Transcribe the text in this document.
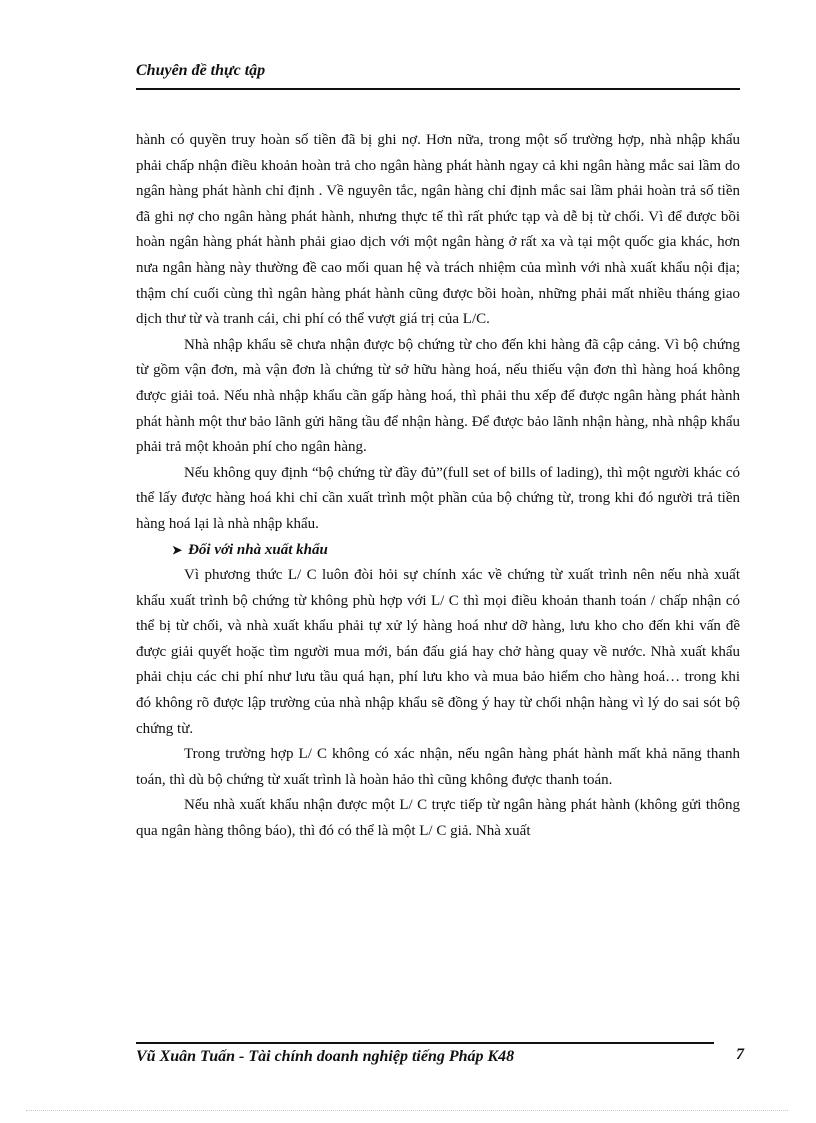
Chuyên đề thực tập

hành có quyền truy hoàn số tiền đã bị ghi nợ. Hơn nữa, trong một số trường hợp, nhà nhập khẩu phải chấp nhận điều khoản hoàn trả cho ngân hàng phát hành ngay cả khi ngân hàng mắc sai lầm do ngân hàng phát hành chỉ định . Về nguyên tắc, ngân hàng chỉ định mắc sai lầm phải hoàn trả số tiền đã ghi nợ cho ngân hàng phát hành, nhưng thực tế thì rất phức tạp và dễ bị từ chối. Vì để được bồi hoàn ngân hàng phát hành phải giao dịch với một ngân hàng ở rất xa và tại một quốc gia khác, hơn nưa ngân hàng này thường đề cao mối quan hệ và trách nhiệm của mình với nhà xuất khẩu nội địa; thậm chí cuối cùng thì ngân hàng phát hành cũng được bồi hoàn, những phải mất nhiều tháng giao dịch thư từ và tranh cái, chi phí có thể vượt giá trị của L/C.

Nhà nhập khẩu sẽ chưa nhận được bộ chứng từ cho đến khi hàng đã cập cảng. Vì bộ chứng từ gồm vận đơn, mà vận đơn là chứng từ sở hữu hàng hoá, nếu thiếu vận đơn thì hàng hoá không được giải toả. Nếu nhà nhập khẩu cần gấp hàng hoá, thì phải thu xếp để được ngân hàng phát hành phát hành một thư bảo lãnh gửi hãng tầu để nhận hàng. Để được bảo lãnh nhận hàng, nhà nhập khẩu phải trả một khoản phí cho ngân hàng.

Nếu không quy định “bộ chứng từ đầy đủ”(full set of bills of lading), thì một người khác có thể lấy được hàng hoá khi chỉ cần xuất trình một phần của bộ chứng từ, trong khi đó người trả tiền hàng hoá lại là nhà nhập khẩu.

➤ Đối với nhà xuất khẩu

Vì phương thức L/ C luôn đòi hỏi sự chính xác về chứng từ xuất trình nên nếu nhà xuất khẩu xuất trình bộ chứng từ không phù hợp với L/ C thì mọi điều khoản thanh toán / chấp nhận có thể bị từ chối, và nhà xuất khẩu phải tự xử lý hàng hoá như dỡ hàng, lưu kho cho đến khi vấn đề được giải quyết hoặc tìm người mua mới, bán đấu giá hay chở hàng quay về nước. Nhà xuất khẩu phải chịu các chi phí như lưu tầu quá hạn, phí lưu kho và mua bảo hiểm cho hàng hoá… trong khi đó không rõ được lập trường của nhà nhập khẩu sẽ đồng ý hay từ chối nhận hàng vì lý do sai sót bộ chứng từ.

Trong trường hợp L/ C không có xác nhận, nếu ngân hàng phát hành mất khả năng thanh toán, thì dù bộ chứng từ xuất trình là hoàn hảo thì cũng không được thanh toán.

Nếu nhà xuất khẩu nhận được một L/ C trực tiếp từ ngân hàng phát hành (không gửi thông qua ngân hàng thông báo), thì đó có thể là một L/ C giả. Nhà xuất

Vũ Xuân Tuấn - Tài chính doanh nghiệp tiếng Pháp K48	7
